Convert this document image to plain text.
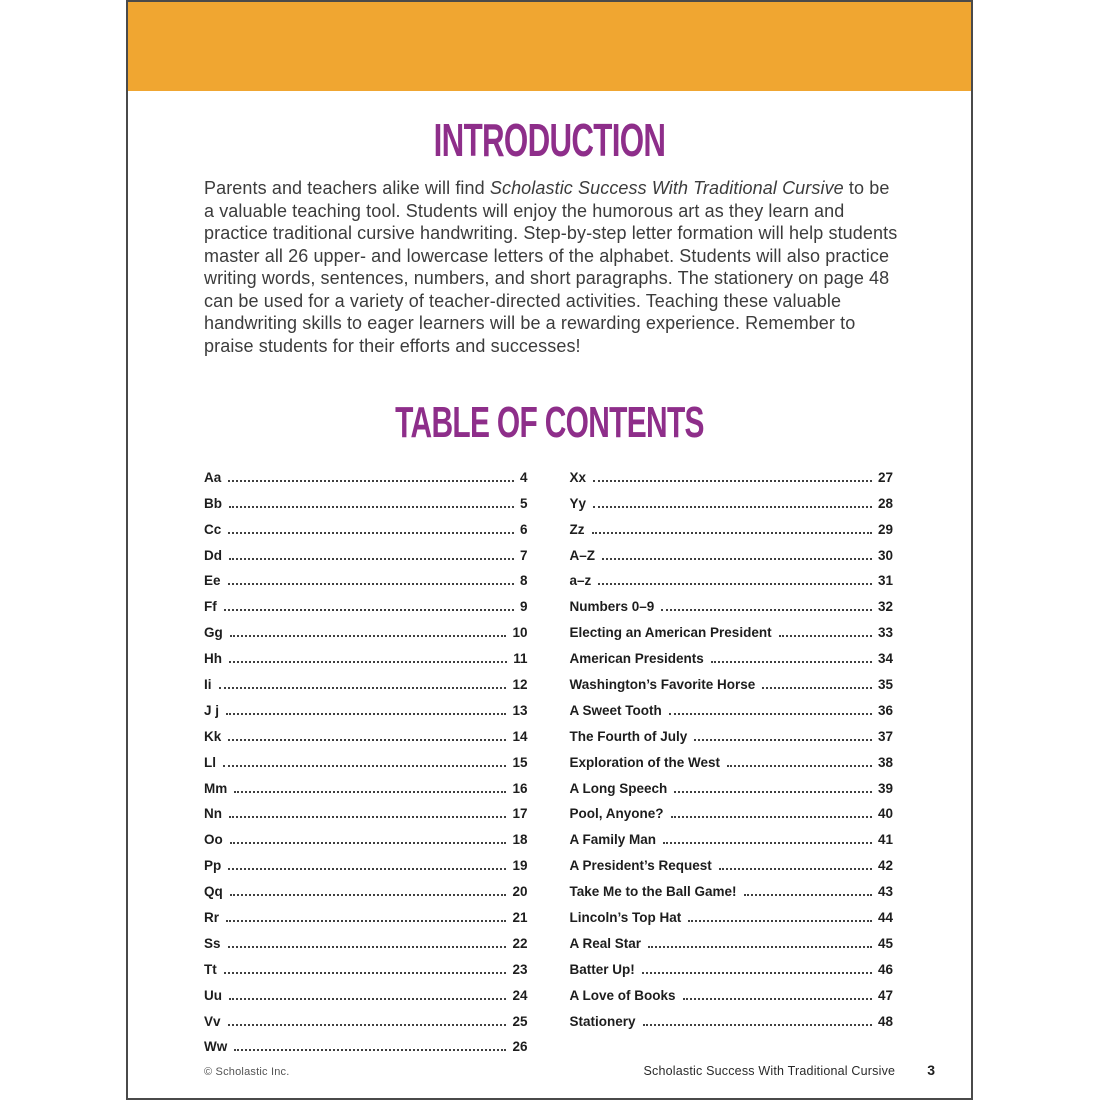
INTRODUCTION

Parents and teachers alike will find Scholastic Success With Traditional Cursive to be a valuable teaching tool. Students will enjoy the humorous art as they learn and practice traditional cursive handwriting. Step-by-step letter formation will help students master all 26 upper- and lowercase letters of the alphabet. Students will also practice writing words, sentences, numbers, and short paragraphs. The stationery on page 48 can be used for a variety of teacher-directed activities. Teaching these valuable handwriting skills to eager learners will be a rewarding experience. Remember to praise students for their efforts and successes!

TABLE OF CONTENTS
Aa	4
Bb	5
Cc	6
Dd	7
Ee	8
Ff	9
Gg	10
Hh	11
Ii	12
J j	13
Kk	14
Ll	15
Mm	16
Nn	17
Oo	18
Pp	19
Qq	20
Rr	21
Ss	22
Tt	23
Uu	24
Vv	25
Ww	26
Xx	27
Yy	28
Zz	29
A–Z	30
a–z	31
Numbers 0–9	32
Electing an American President	33
American Presidents	34
Washington’s Favorite Horse	35
A Sweet Tooth	36
The Fourth of July	37
Exploration of the West	38
A Long Speech	39
Pool, Anyone?	40
A Family Man	41
A President’s Request	42
Take Me to the Ball Game!	43
Lincoln’s Top Hat	44
A Real Star	45
Batter Up!	46
A Love of Books	47
Stationery	48
© Scholastic Inc.	Scholastic Success With Traditional Cursive 3
